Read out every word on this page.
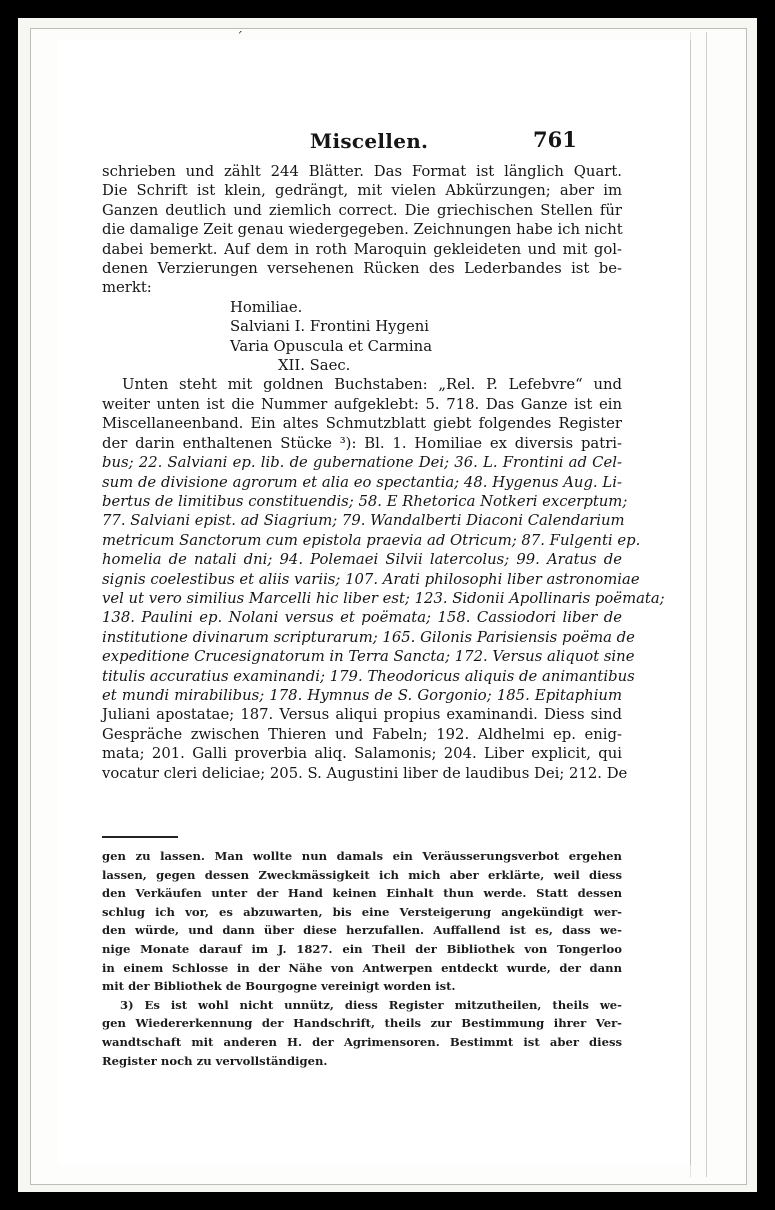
ˊ
Miscellen.	761
schrieben und zählt 244 Blätter. Das Format ist länglich Quart.
Die Schrift ist klein, gedrängt, mit vielen Abkürzungen; aber im
Ganzen deutlich und ziemlich correct. Die griechischen Stellen für
die damalige Zeit genau wiedergegeben. Zeichnungen habe ich nicht
dabei bemerkt. Auf dem in roth Maroquin gekleideten und mit gol-
denen Verzierungen versehenen Rücken des Lederbandes ist be-
merkt:
Homiliae.
Salviani I. Frontini Hygeni
Varia Opuscula et Carmina
XII. Saec.
Unten steht mit goldnen Buchstaben: „Rel. P. Lefebvre“ und
weiter unten ist die Nummer aufgeklebt: 5. 718. Das Ganze ist ein
Miscellaneenband. Ein altes Schmutzblatt giebt folgendes Register
der darin enthaltenen Stücke ³): Bl. 1. Homiliae ex diversis patri-
bus; 22. Salviani ep. lib. de gubernatione Dei; 36. L. Frontini ad Cel-
sum de divisione agrorum et alia eo spectantia; 48. Hygenus Aug. Li-
bertus de limitibus constituendis; 58. E Rhetorica Notkeri excerptum;
77. Salviani epist. ad Siagrium; 79. Wandalberti Diaconi Calendarium
metricum Sanctorum cum epistola praevia ad Otricum; 87. Fulgenti ep.
homelia de natali dni; 94. Polemaei Silvii latercolus; 99. Aratus de
signis coelestibus et aliis variis; 107. Arati philosophi liber astronomiae
vel ut vero similius Marcelli hic liber est; 123. Sidonii Apollinaris poëmata;
138. Paulini ep. Nolani versus et poëmata; 158. Cassiodori liber de
institutione divinarum scripturarum; 165. Gilonis Parisiensis poëma de
expeditione Crucesignatorum in Terra Sancta; 172. Versus aliquot sine
titulis accuratius examinandi; 179. Theodoricus aliquis de animantibus
et mundi mirabilibus; 178. Hymnus de S. Gorgonio; 185. Epitaphium
Juliani apostatae; 187. Versus aliqui propius examinandi. Diess sind
Gespräche zwischen Thieren und Fabeln; 192. Aldhelmi ep. enig-
mata; 201. Galli proverbia aliq. Salamonis; 204. Liber explicit, qui
vocatur cleri deliciae; 205. S. Augustini liber de laudibus Dei; 212. De
gen zu lassen. Man wollte nun damals ein Veräusserungsverbot ergehen
lassen, gegen dessen Zweckmässigkeit ich mich aber erklärte, weil diess
den Verkäufen unter der Hand keinen Einhalt thun werde. Statt dessen
schlug ich vor, es abzuwarten, bis eine Versteigerung angekündigt wer-
den würde, und dann über diese herzufallen. Auffallend ist es, dass we-
nige Monate darauf im J. 1827. ein Theil der Bibliothek von Tongerloo
in einem Schlosse in der Nähe von Antwerpen entdeckt wurde, der dann
mit der Bibliothek de Bourgogne vereinigt worden ist.
3) Es ist wohl nicht unnütz, diess Register mitzutheilen, theils we-
gen Wiedererkennung der Handschrift, theils zur Bestimmung ihrer Ver-
wandtschaft mit anderen H. der Agrimensoren. Bestimmt ist aber diess
Register noch zu vervollständigen.
